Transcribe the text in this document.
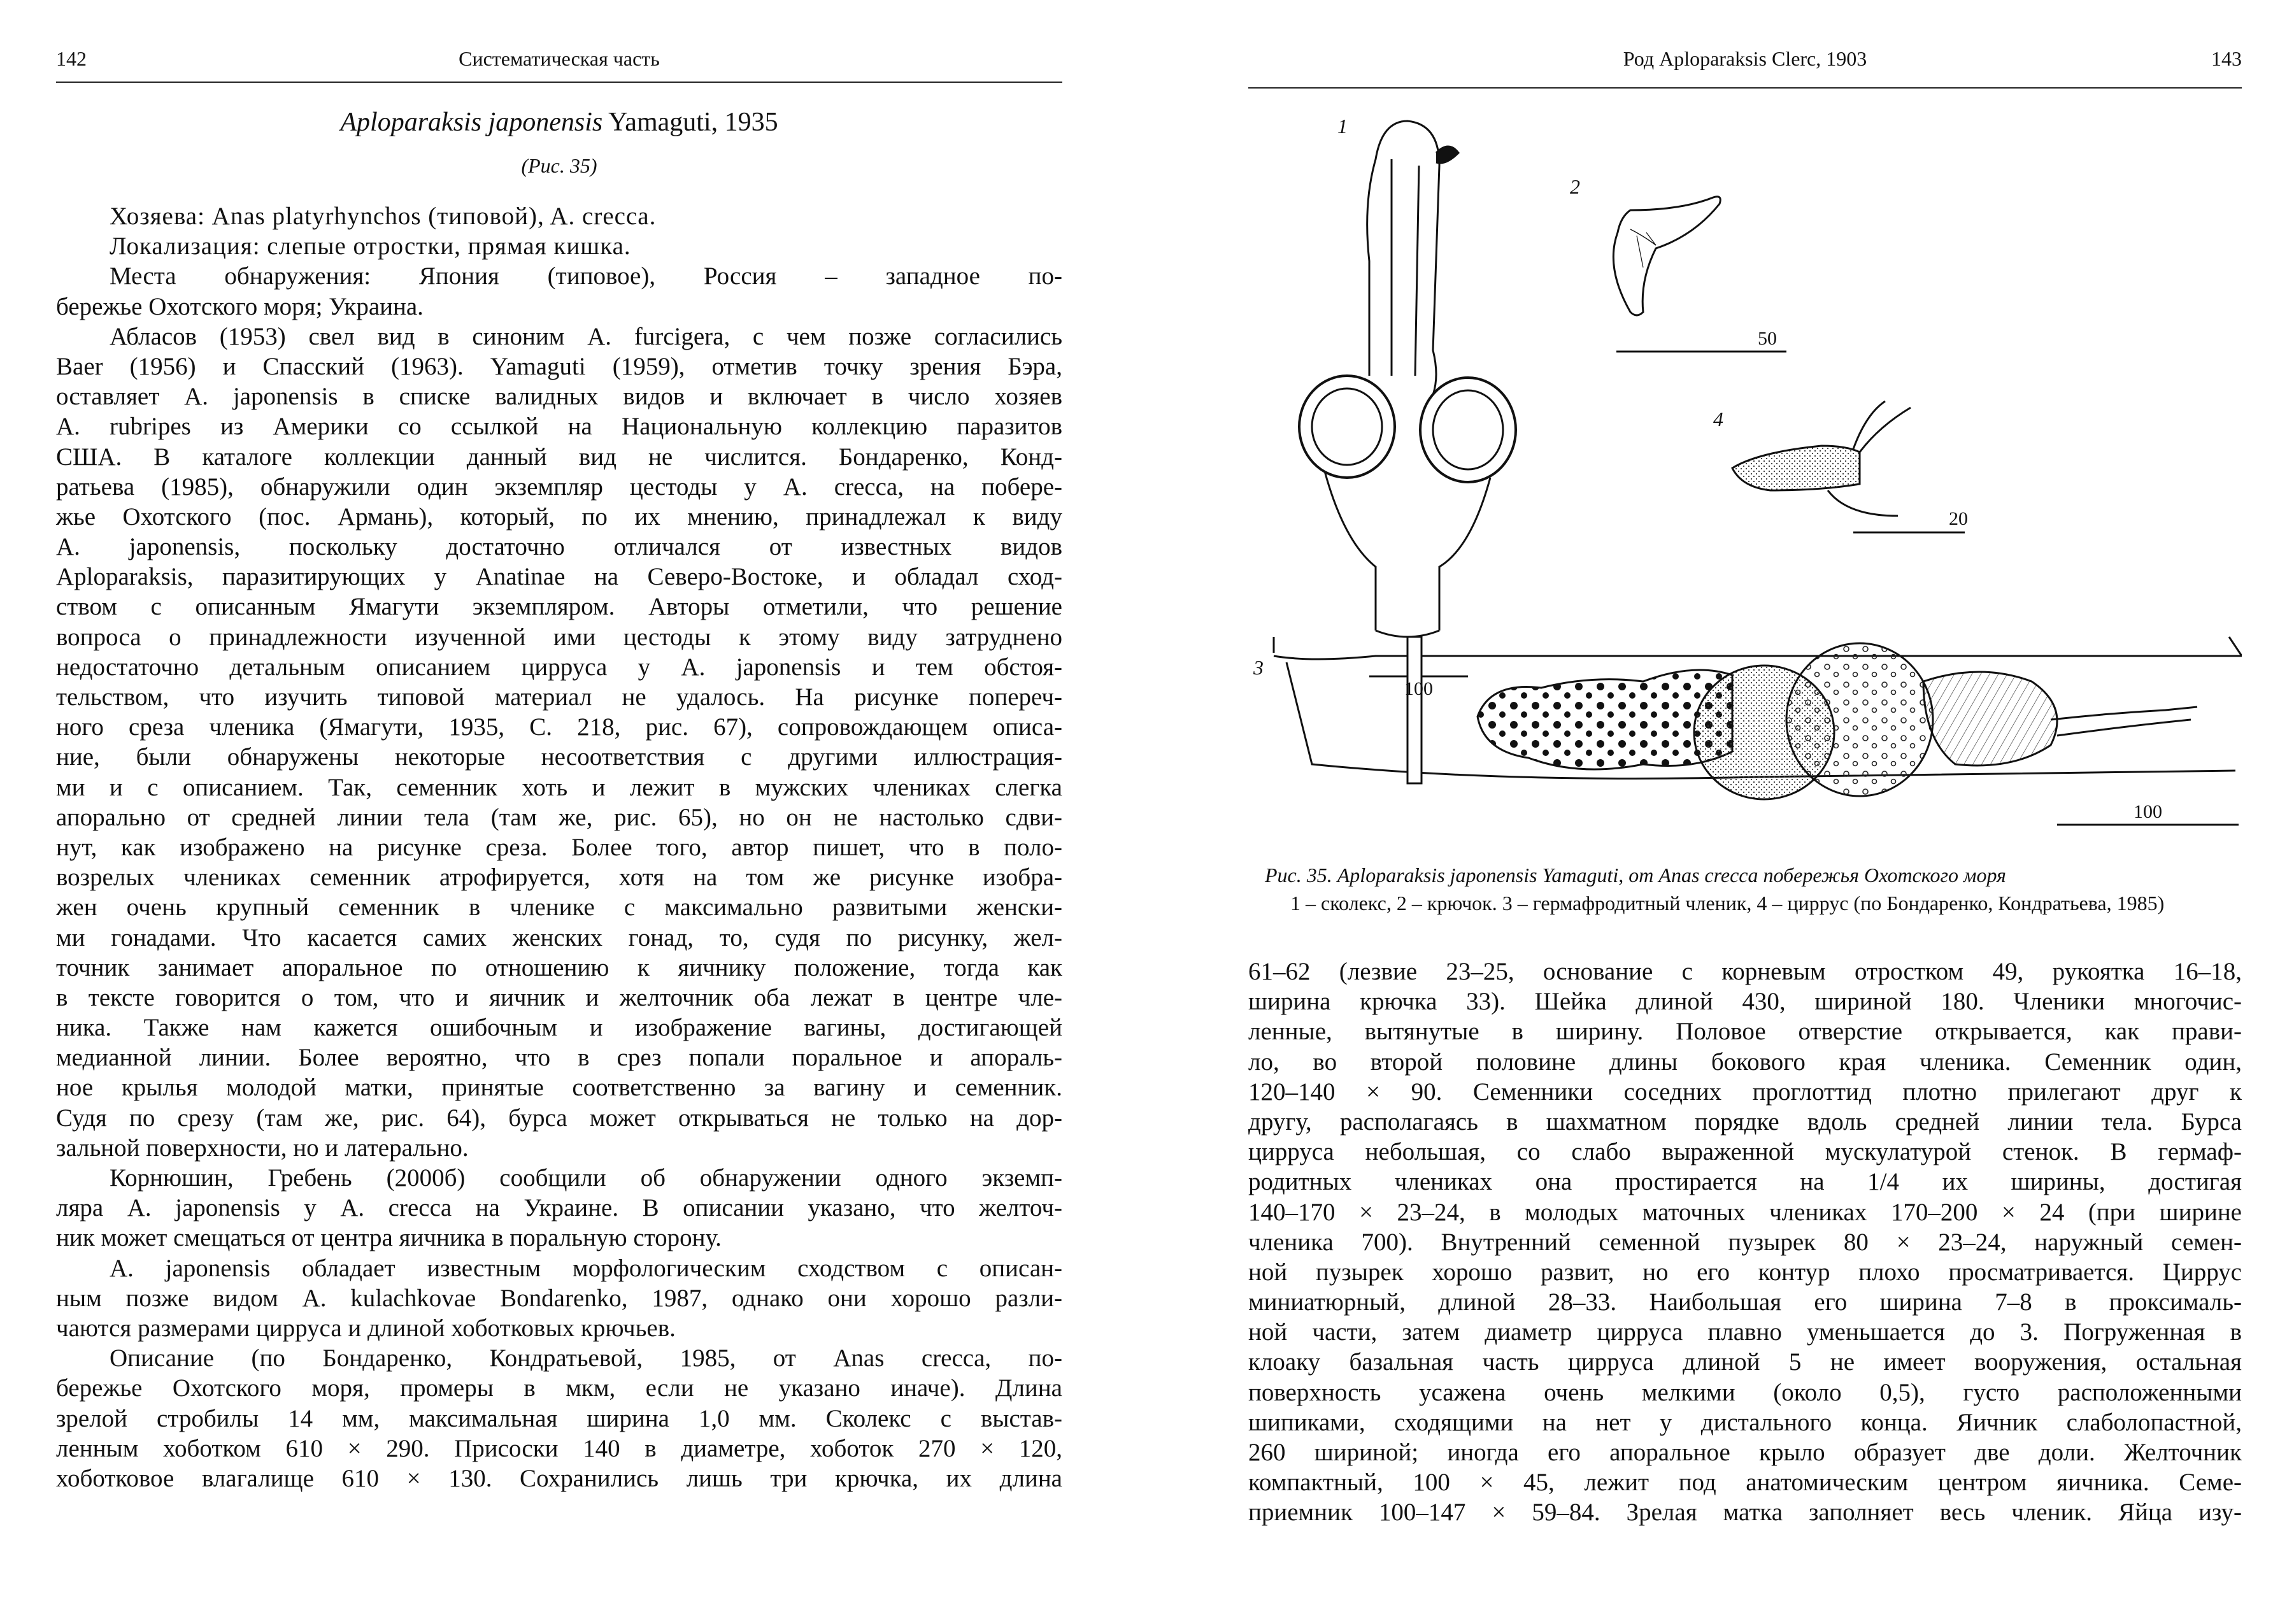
142	Систематическая часть
Aploparaksis japonensis Yamaguti, 1935
(Рис. 35)
Хозяева: Anas platyrhynchos (типовой), A. crecca.
Локализация: слепые отростки, прямая кишка.
Места обнаружения: Япония (типовое), Россия – западное по-
бережье Охотского моря; Украина.
Абласов (1953) свел вид в синоним A. furcigera, с чем позже согласились
Baer (1956) и Спасский (1963). Yamaguti (1959), отметив точку зрения Бэра,
оставляет A. japonensis в списке валидных видов и включает в число хозяев
A. rubripes из Америки со ссылкой на Национальную коллекцию паразитов
США. В каталоге коллекции данный вид не числится. Бондаренко, Конд-
ратьева (1985), обнаружили один экземпляр цестоды у A. crecca, на побере-
жье Охотского (пос. Армань), который, по их мнению, принадлежал к виду
A. japonensis, поскольку достаточно отличался от известных видов
Aploparaksis, паразитирующих у Anatinae на Северо-Востоке, и обладал сход-
ством с описанным Ямагути экземпляром. Авторы отметили, что решение
вопроса о принадлежности изученной ими цестоды к этому виду затруднено
недостаточно детальным описанием цирруса у A. japonensis и тем обстоя-
тельством, что изучить типовой материал не удалось. На рисунке попереч-
ного среза членика (Ямагути, 1935, С. 218, рис. 67), сопровождающем описа-
ние, были обнаружены некоторые несоответствия с другими иллюстрация-
ми и с описанием. Так, семенник хоть и лежит в мужских члениках слегка
апорально от средней линии тела (там же, рис. 65), но он не настолько сдви-
нут, как изображено на рисунке среза. Более того, автор пишет, что в поло-
возрелых члениках семенник атрофируется, хотя на том же рисунке изобра-
жен очень крупный семенник в членике с максимально развитыми женски-
ми гонадами. Что касается самих женских гонад, то, судя по рисунку, жел-
точник занимает апоральное по отношению к яичнику положение, тогда как
в тексте говорится о том, что и яичник и желточник оба лежат в центре чле-
ника. Также нам кажется ошибочным и изображение вагины, достигающей
медианной линии. Более вероятно, что в срез попали поральное и апораль-
ное крылья молодой матки, принятые соответственно за вагину и семенник.
Судя по срезу (там же, рис. 64), бурса может открываться не только на дор-
зальной поверхности, но и латерально.
Корнюшин, Гребень (2000б) сообщили об обнаружении одного экземп-
ляра A. japonensis у A. crecca на Украине. В описании указано, что желточ-
ник может смещаться от центра яичника в поральную сторону.
A. japonensis обладает известным морфологическим сходством с описан-
ным позже видом A. kulachkovae Bondarenko, 1987, однако они хорошо разли-
чаются размерами цирруса и длиной хоботковых крючьев.
Описание (по Бондаренко, Кондратьевой, 1985, от Anas crecca, по-
бережье Охотского моря, промеры в мкм, если не указано иначе). Длина
зрелой стробилы 14 мм, максимальная ширина 1,0 мм. Сколекс с выстав-
ленным хоботком 610 × 290. Присоски 140 в диаметре, хоботок 270 × 120,
хоботковое влагалище 610 × 130. Сохранились лишь три крючка, их длина
Род Aploparaksis Clerc, 1903	143
1
2
3
4
100
50
20
100
Рис. 35. Aploparaksis japonensis Yamaguti, от Anas crecca побережья Охотского моря
1 – сколекс, 2 – крючок. 3 – гермафродитный членик, 4 – циррус (по Бондаренко, Кондратьева, 1985)
61–62 (лезвие 23–25, основание с корневым отростком 49, рукоятка 16–18,
ширина крючка 33). Шейка длиной 430, шириной 180. Членики многочис-
ленные, вытянутые в ширину. Половое отверстие открывается, как прави-
ло, во второй половине длины бокового края членика. Семенник один,
120–140 × 90. Семенники соседних проглоттид плотно прилегают друг к
другу, располагаясь в шахматном порядке вдоль средней линии тела. Бурса
цирруса небольшая, со слабо выраженной мускулатурой стенок. В гермаф-
родитных члениках она простирается на 1/4 их ширины, достигая
140–170 × 23–24, в молодых маточных члениках 170–200 × 24 (при ширине
членика 700). Внутренний семенной пузырек 80 × 23–24, наружный семен-
ной пузырек хорошо развит, но его контур плохо просматривается. Циррус
миниатюрный, длиной 28–33. Наибольшая его ширина 7–8 в проксималь-
ной части, затем диаметр цирруса плавно уменьшается до 3. Погруженная в
клоаку базальная часть цирруса длиной 5 не имеет вооружения, остальная
поверхность усажена очень мелкими (около 0,5), густо расположенными
шипиками, сходящими на нет у дистального конца. Яичник слаболопастной,
260 шириной; иногда его апоральное крыло образует две доли. Желточник
компактный, 100 × 45, лежит под анатомическим центром яичника. Семе-
приемник 100–147 × 59–84. Зрелая матка заполняет весь членик. Яйца изу-
